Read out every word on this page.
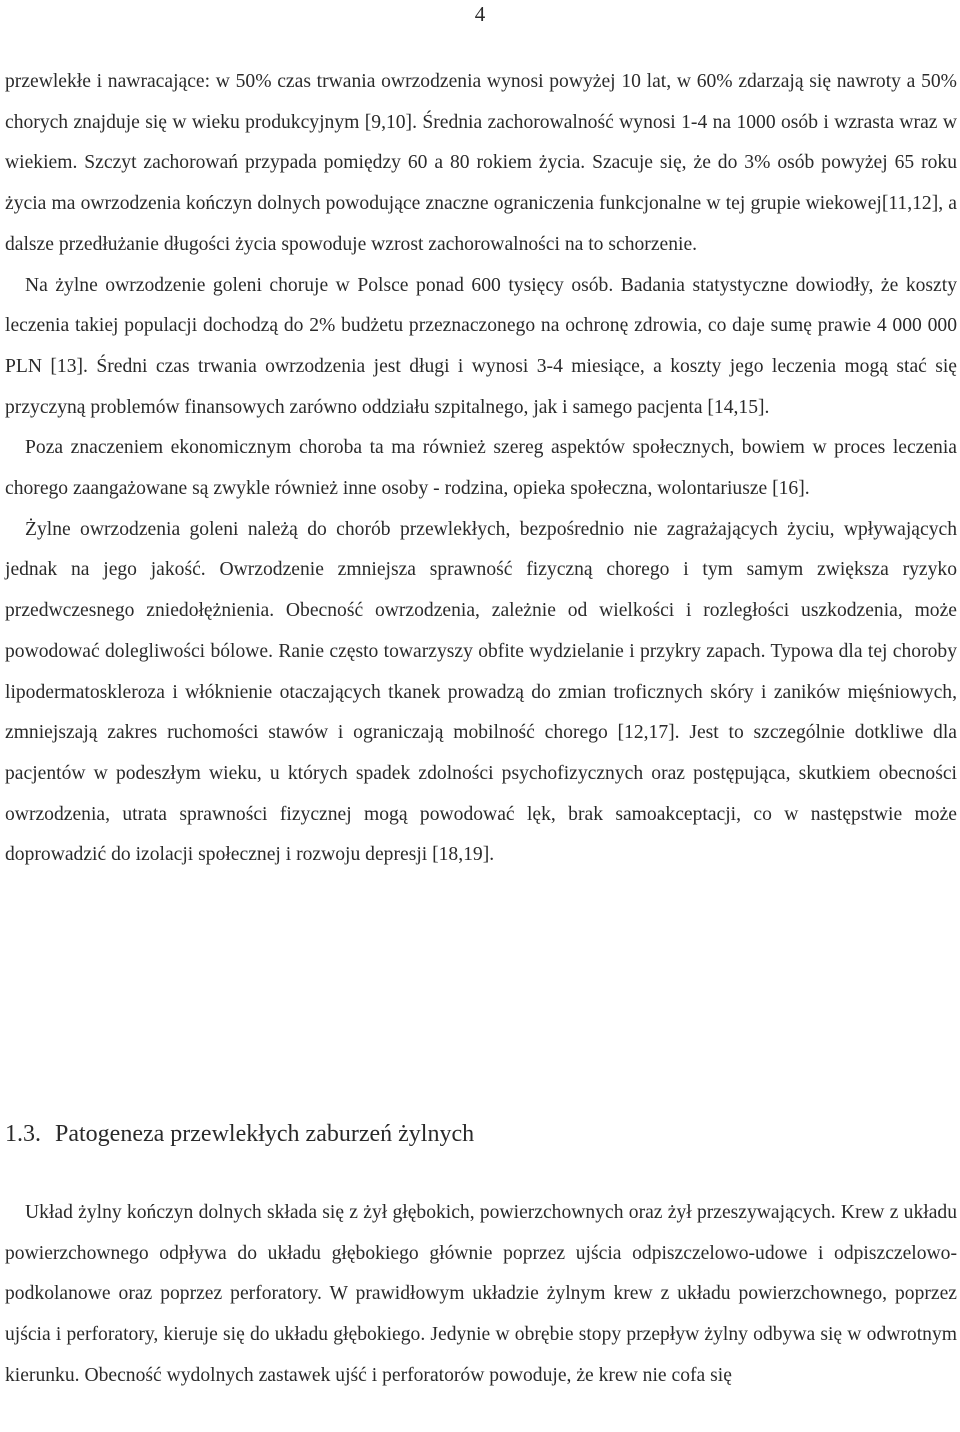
4

przewlekłe i nawracające: w 50% czas trwania owrzodzenia wynosi powyżej 10 lat, w 60% zdarzają się nawroty a 50% chorych znajduje się w wieku produkcyjnym [9,10]. Średnia zachorowalność wynosi 1-4 na 1000 osób i wzrasta wraz w wiekiem. Szczyt zachorowań przypada pomiędzy 60 a 80 rokiem życia. Szacuje się, że do 3% osób powyżej 65 roku życia ma owrzodzenia kończyn dolnych powodujące znaczne ograniczenia funkcjonalne w tej grupie wiekowej[11,12], a dalsze przedłużanie długości życia spowoduje wzrost zachorowalności na to schorzenie.

Na żylne owrzodzenie goleni choruje w Polsce ponad 600 tysięcy osób. Badania statystyczne dowiodły, że koszty leczenia takiej populacji dochodzą do 2% budżetu przeznaczonego na ochronę zdrowia, co daje sumę prawie 4 000 000 PLN [13]. Średni czas trwania owrzodzenia jest długi i wynosi 3-4 miesiące, a koszty jego leczenia mogą stać się przyczyną problemów finansowych zarówno oddziału szpitalnego, jak i samego pacjenta [14,15].

Poza znaczeniem ekonomicznym choroba ta ma również szereg aspektów społecznych, bowiem w proces leczenia chorego zaangażowane są zwykle również inne osoby - rodzina, opieka społeczna, wolontariusze [16].

Żylne owrzodzenia goleni należą do chorób przewlekłych, bezpośrednio nie zagrażających życiu, wpływających jednak na jego jakość. Owrzodzenie zmniejsza sprawność fizyczną chorego i tym samym zwiększa ryzyko przedwczesnego zniedołężnienia. Obecność owrzodzenia, zależnie od wielkości i rozległości uszkodzenia, może powodować dolegliwości bólowe. Ranie często towarzyszy obfite wydzielanie i przykry zapach. Typowa dla tej choroby lipodermatoskleroza i włóknienie otaczających tkanek prowadzą do zmian troficznych skóry i zaników mięśniowych, zmniejszają zakres ruchomości stawów i ograniczają mobilność chorego [12,17]. Jest to szczególnie dotkliwe dla pacjentów w podeszłym wieku, u których spadek zdolności psychofizycznych oraz postępująca, skutkiem obecności owrzodzenia, utrata sprawności fizycznej mogą powodować lęk, brak samoakceptacji, co w następstwie może doprowadzić do izolacji społecznej i rozwoju depresji [18,19].

1.3. Patogeneza przewlekłych zaburzeń żylnych

Układ żylny kończyn dolnych składa się z żył głębokich, powierzchownych oraz żył przeszywających. Krew z układu powierzchownego odpływa do układu głębokiego głównie poprzez ujścia odpiszczelowo-udowe i odpiszczelowo-podkolanowe oraz poprzez perforatory. W prawidłowym układzie żylnym krew z układu powierzchownego, poprzez ujścia i perforatory, kieruje się do układu głębokiego. Jedynie w obrębie stopy przepływ żylny odbywa się w odwrotnym kierunku. Obecność wydolnych zastawek ujść i perforatorów powoduje, że krew nie cofa się
